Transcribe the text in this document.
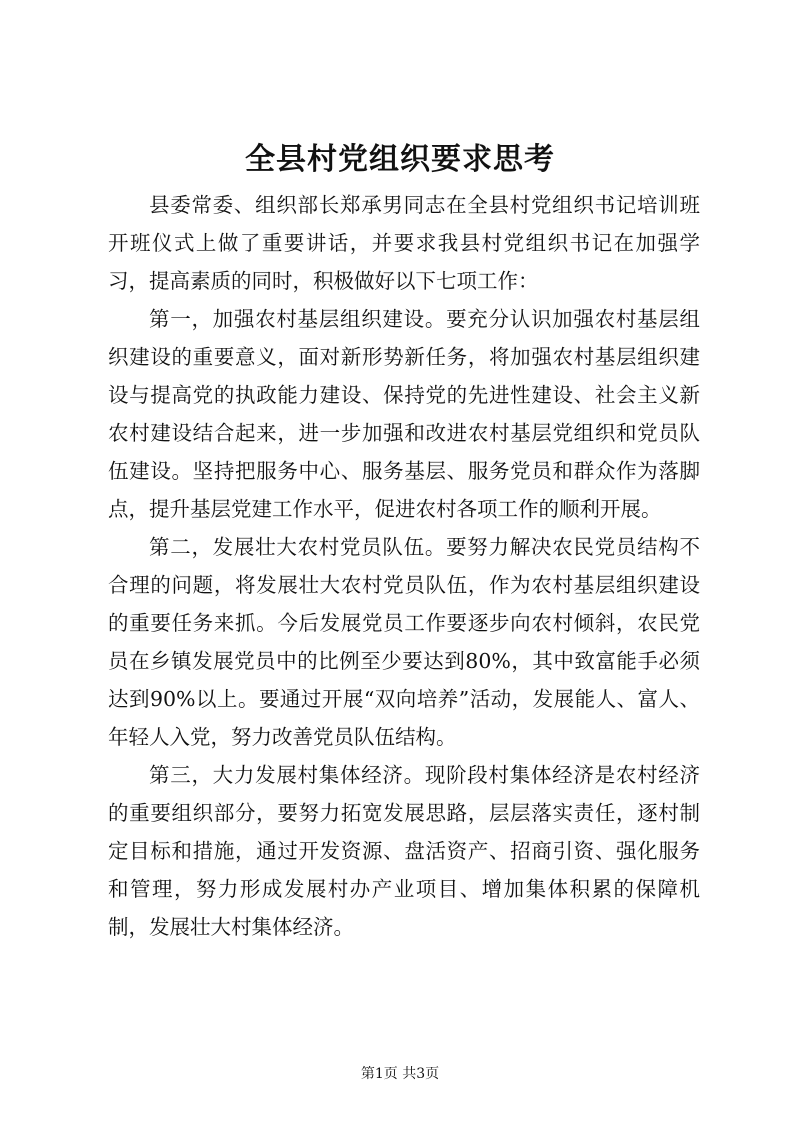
全县村党组织要求思考

县委常委、组织部长郑承男同志在全县村党组织书记培训班开班仪式上做了重要讲话，并要求我县村党组织书记在加强学习，提高素质的同时，积极做好以下七项工作：

第一，加强农村基层组织建设。要充分认识加强农村基层组织建设的重要意义，面对新形势新任务，将加强农村基层组织建设与提高党的执政能力建设、保持党的先进性建设、社会主义新农村建设结合起来，进一步加强和改进农村基层党组织和党员队伍建设。坚持把服务中心、服务基层、服务党员和群众作为落脚点，提升基层党建工作水平，促进农村各项工作的顺利开展。

第二，发展壮大农村党员队伍。要努力解决农民党员结构不合理的问题，将发展壮大农村党员队伍，作为农村基层组织建设的重要任务来抓。今后发展党员工作要逐步向农村倾斜，农民党员在乡镇发展党员中的比例至少要达到80%，其中致富能手必须达到90%以上。要通过开展“双向培养”活动，发展能人、富人、年轻人入党，努力改善党员队伍结构。

第三，大力发展村集体经济。现阶段村集体经济是农村经济的重要组织部分，要努力拓宽发展思路，层层落实责任，逐村制定目标和措施，通过开发资源、盘活资产、招商引资、强化服务和管理，努力形成发展村办产业项目、增加集体积累的保障机制，发展壮大村集体经济。

第1页 共3页
